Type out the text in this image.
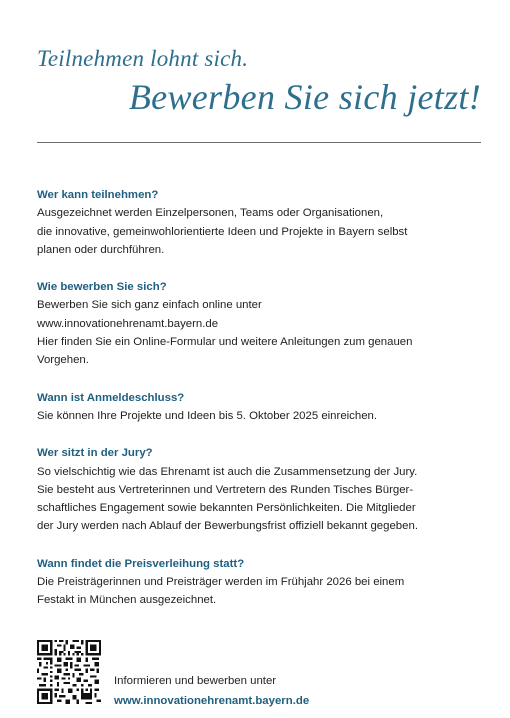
Teilnehmen lohnt sich.
Bewerben Sie sich jetzt!
Wer kann teilnehmen?
Ausgezeichnet werden Einzelpersonen, Teams oder Organisationen,
die innovative, gemeinwohlorientierte Ideen und Projekte in Bayern selbst
planen oder durchführen.
Wie bewerben Sie sich?
Bewerben Sie sich ganz einfach online unter
www.innovationehrenamt.bayern.de
Hier finden Sie ein Online-Formular und weitere Anleitungen zum genauen
Vorgehen.
Wann ist Anmeldeschluss?
Sie können Ihre Projekte und Ideen bis 5. Oktober 2025 einreichen.
Wer sitzt in der Jury?
So vielschichtig wie das Ehrenamt ist auch die Zusammensetzung der Jury.
Sie besteht aus Vertreterinnen und Vertretern des Runden Tisches Bürger-
schaftliches Engagement sowie bekannten Persönlichkeiten. Die Mitglieder
der Jury werden nach Ablauf der Bewerbungsfrist offiziell bekannt gegeben.
Wann findet die Preisverleihung statt?
Die Preisträgerinnen und Preisträger werden im Frühjahr 2026 bei einem
Festakt in München ausgezeichnet.
Informieren und bewerben unter
www.innovationehrenamt.bayern.de
